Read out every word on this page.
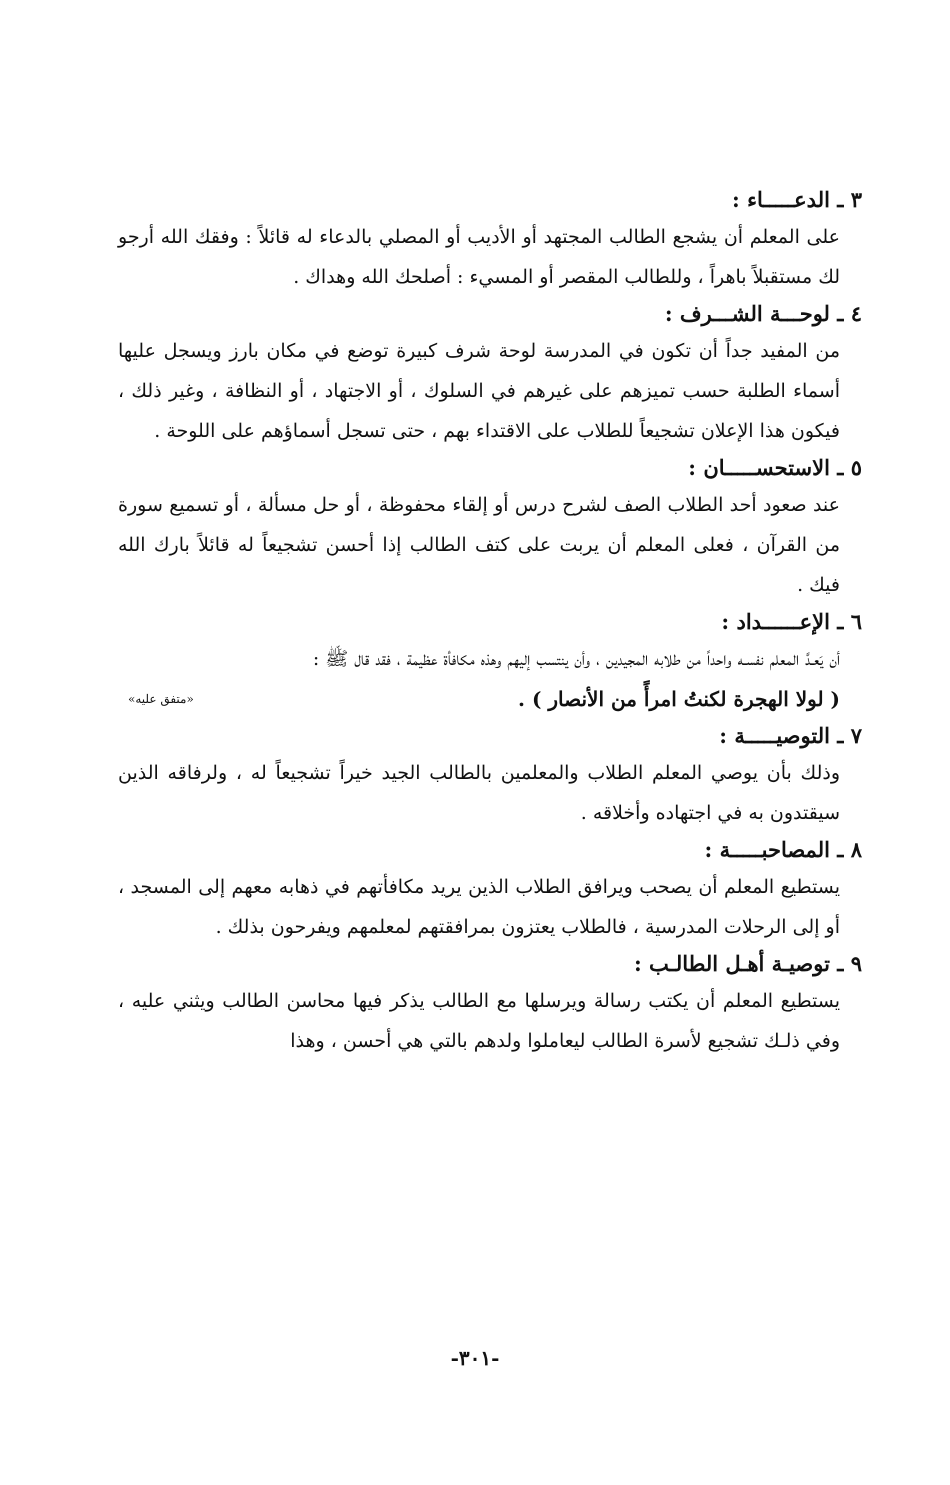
٣ ـ الدعـــــاء :
على المعلم أن يشجع الطالب المجتهد أو الأديب أو المصلي بالدعاء له قائلاً : وفقك الله أرجو لك مستقبلاً باهراً ، وللطالب المقصر أو المسيء : أصلحك الله وهداك .
٤ ـ لوحـــة الشـــرف :
من المفيد جداً أن تكون في المدرسة لوحة شرف كبيرة توضع في مكان بارز ويسجل عليها أسماء الطلبة حسب تميزهم على غيرهم في السلوك ، أو الاجتهاد ، أو النظافة ، وغير ذلك ، فيكون هذا الإعلان تشجيعاً للطلاب على الاقتداء بهم ، حتى تسجل أسماؤهم على اللوحة .
٥ ـ الاستحســـــان :
عند صعود أحد الطلاب الصف لشرح درس أو إلقاء محفوظة ، أو حل مسألة ، أو تسميع سورة من القرآن ، فعلى المعلم أن يربت على كتف الطالب إذا أحسن تشجيعاً له قائلاً بارك الله فيك .
٦ ـ الإعــــــداد :
أن يَعـدَّ المعلم نفسـه واحداً من طلابه المجيدين ، وأن ينتسب إليهم وهذه مكافأة عظيمة ، فقد قال ﷺ :
( لولا الهجرة لكنتُ امرأً من الأنصار ) .
«متفق عليه»
٧ ـ التوصيـــــة :
وذلك بأن يوصي المعلم الطلاب والمعلمين بالطالب الجيد خيراً تشجيعاً له ، ولرفاقه الذين سيقتدون به في اجتهاده وأخلاقه .
٨ ـ المصاحبـــــة :
يستطيع المعلم أن يصحب ويرافق الطلاب الذين يريد مكافأتهم في ذهابه معهم إلى المسجد ، أو إلى الرحلات المدرسية ، فالطلاب يعتزون بمرافقتهم لمعلمهم ويفرحون بذلك .
٩ ـ توصيـة أهـل الطالـب :
يستطيع المعلم أن يكتب رسالة ويرسلها مع الطالب يذكر فيها محاسن الطالب ويثني عليه ، وفي ذلـك تشجيع لأسرة الطالب ليعاملوا ولدهم بالتي هي أحسن ، وهذا
-٣٠١-
